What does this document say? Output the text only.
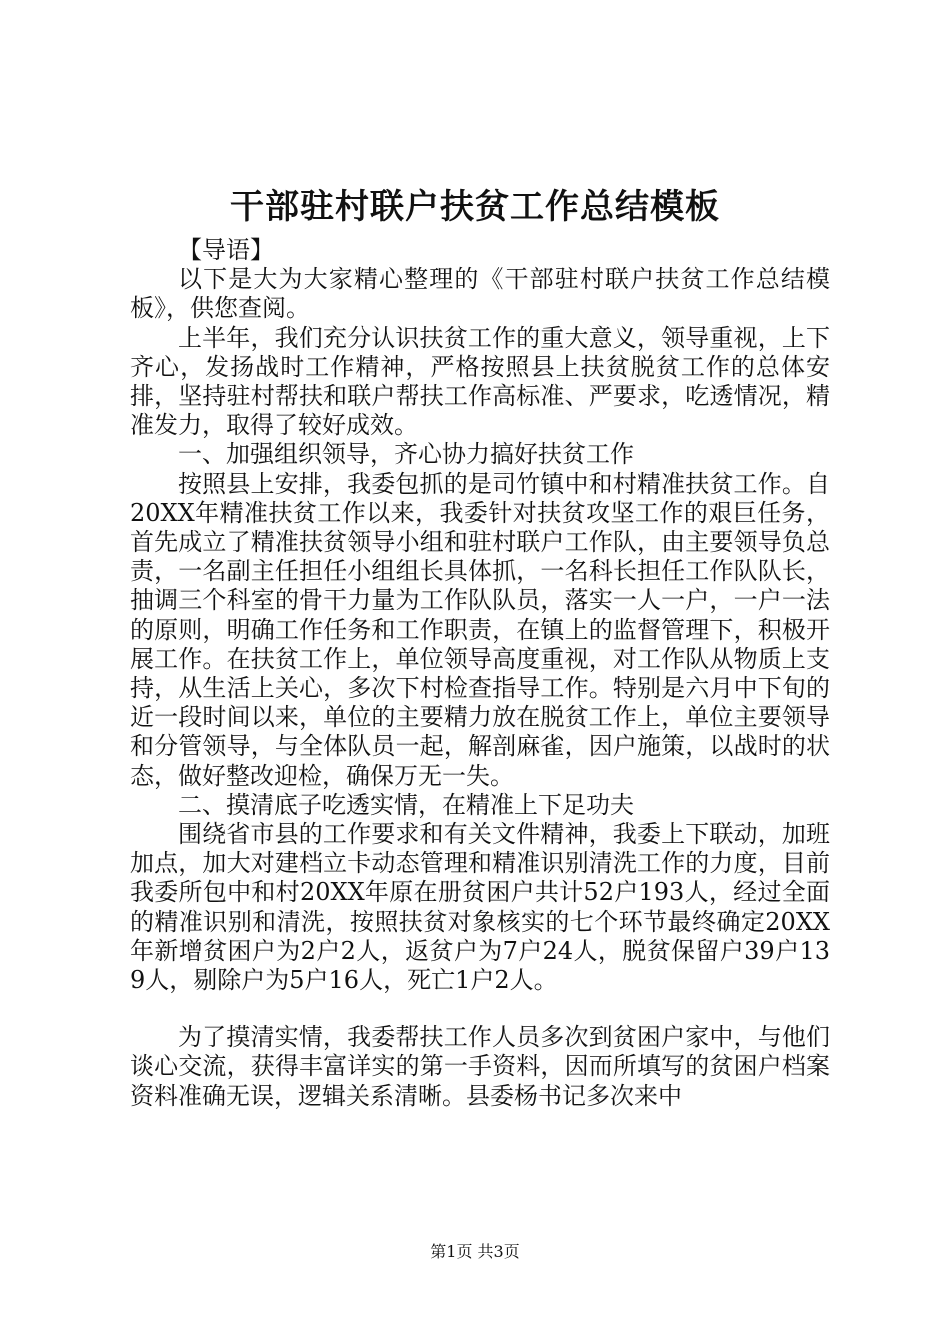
干部驻村联户扶贫工作总结模板

【导语】

以下是大为大家精心整理的《干部驻村联户扶贫工作总结模板》，供您查阅。

上半年，我们充分认识扶贫工作的重大意义，领导重视，上下齐心，发扬战时工作精神，严格按照县上扶贫脱贫工作的总体安排，坚持驻村帮扶和联户帮扶工作高标准、严要求，吃透情况，精准发力，取得了较好成效。

一、加强组织领导，齐心协力搞好扶贫工作

按照县上安排，我委包抓的是司竹镇中和村精准扶贫工作。自20XX年精准扶贫工作以来，我委针对扶贫攻坚工作的艰巨任务，首先成立了精准扶贫领导小组和驻村联户工作队，由主要领导负总责，一名副主任担任小组组长具体抓，一名科长担任工作队队长，抽调三个科室的骨干力量为工作队队员，落实一人一户，一户一法的原则，明确工作任务和工作职责，在镇上的监督管理下，积极开展工作。在扶贫工作上，单位领导高度重视，对工作队从物质上支持，从生活上关心，多次下村检查指导工作。特别是六月中下旬的近一段时间以来，单位的主要精力放在脱贫工作上，单位主要领导和分管领导，与全体队员一起，解剖麻雀，因户施策，以战时的状态，做好整改迎检，确保万无一失。

二、摸清底子吃透实情，在精准上下足功夫

围绕省市县的工作要求和有关文件精神，我委上下联动，加班加点，加大对建档立卡动态管理和精准识别清洗工作的力度，目前我委所包中和村20XX年原在册贫困户共计52户193人，经过全面的精准识别和清洗，按照扶贫对象核实的七个环节最终确定20XX年新增贫困户为2户2人，返贫户为7户24人，脱贫保留户39户139人，剔除户为5户16人，死亡1户2人。

为了摸清实情，我委帮扶工作人员多次到贫困户家中，与他们谈心交流，获得丰富详实的第一手资料，因而所填写的贫困户档案资料准确无误，逻辑关系清晰。县委杨书记多次来中

第1页 共3页
